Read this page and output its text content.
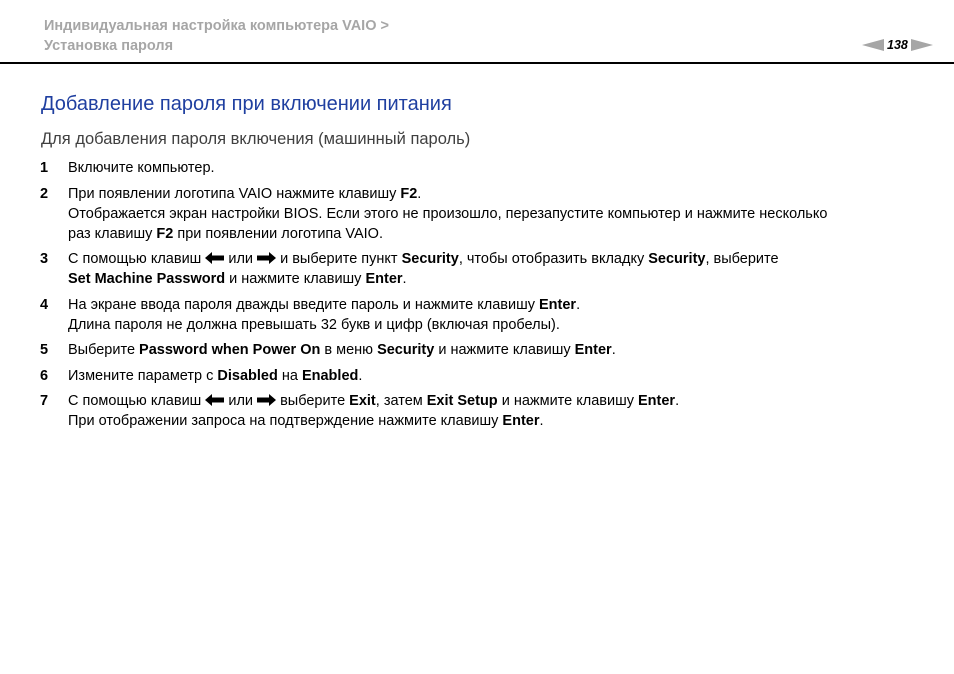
Индивидуальная настройка компьютера VAIO >
Установка пароля	138
Добавление пароля при включении питания
Для добавления пароля включения (машинный пароль)
1	Включите компьютер.
2	При появлении логотипа VAIO нажмите клавишу F2.
Отображается экран настройки BIOS. Если этого не произошло, перезапустите компьютер и нажмите несколько
раз клавишу F2 при появлении логотипа VAIO.
3	С помощью клавиш  или  и выберите пункт Security, чтобы отобразить вкладку Security, выберите
Set Machine Password и нажмите клавишу Enter.
4	На экране ввода пароля дважды введите пароль и нажмите клавишу Enter.
Длина пароля не должна превышать 32 букв и цифр (включая пробелы).
5	Выберите Password when Power On в меню Security и нажмите клавишу Enter.
6	Измените параметр с Disabled на Enabled.
7	С помощью клавиш  или  выберите Exit, затем Exit Setup и нажмите клавишу Enter.
При отображении запроса на подтверждение нажмите клавишу Enter.
